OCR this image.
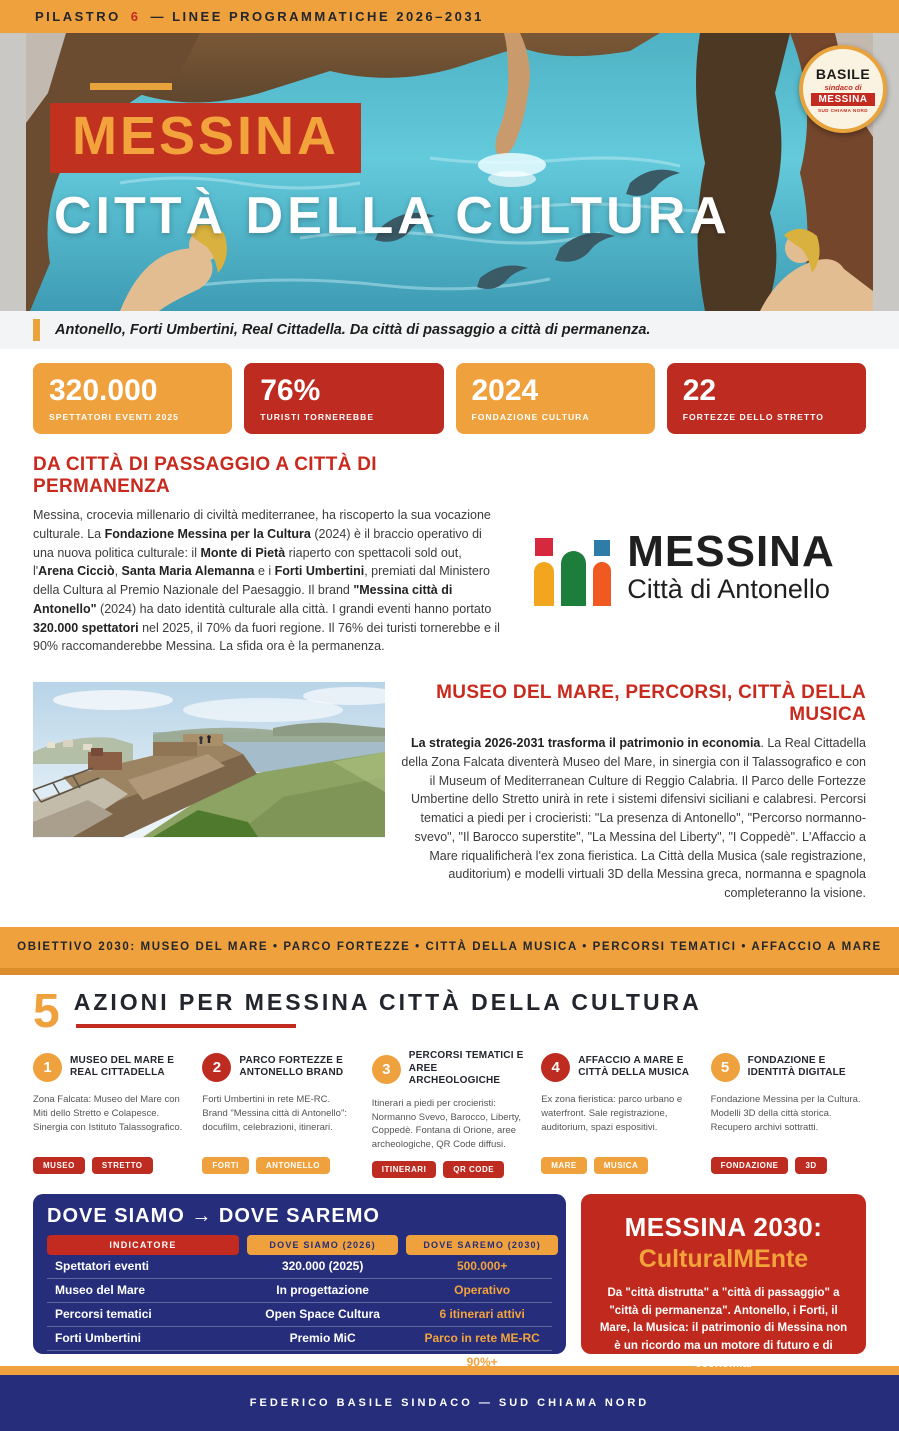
PILASTRO 6 — LINEE PROGRAMMATICHE 2026–2031
MESSINA
CITTÀ DELLA CULTURA
BASILE
sindaco di
MESSINA
SUD CHIAMA NORD

Antonello, Forti Umbertini, Real Cittadella. Da città di passaggio a città di permanenza.

320.000
SPETTATORI EVENTI 2025
76%
TURISTI TORNEREBBE
2024
FONDAZIONE CULTURA
22
FORTEZZE DELLO STRETTO
DA CITTÀ DI PASSAGGIO A CITTÀ DI PERMANENZA

Messina, crocevia millenario di civiltà mediterranee, ha riscoperto la sua vocazione culturale. La Fondazione Messina per la Cultura (2024) è il braccio operativo di una nuova politica culturale: il Monte di Pietà riaperto con spettacoli sold out, l'Arena Cicciò, Santa Maria Alemanna e i Forti Umbertini, premiati dal Ministero della Cultura al Premio Nazionale del Paesaggio. Il brand "Messina città di Antonello" (2024) ha dato identità culturale alla città. I grandi eventi hanno portato 320.000 spettatori nel 2025, il 70% da fuori regione. Il 76% dei turisti tornerebbe e il 90% raccomanderebbe Messina. La sfida ora è la permanenza.

MESSINA
Città di Antonello
MUSEO DEL MARE, PERCORSI, CITTÀ DELLA MUSICA

La strategia 2026-2031 trasforma il patrimonio in economia. La Real Cittadella della Zona Falcata diventerà Museo del Mare, in sinergia con il Talassografico e con il Museum of Mediterranean Culture di Reggio Calabria. Il Parco delle Fortezze Umbertine dello Stretto unirà in rete i sistemi difensivi siciliani e calabresi. Percorsi tematici a piedi per i crocieristi: "La presenza di Antonello", "Percorso normanno-svevo", "Il Barocco superstite", "La Messina del Liberty", "I Coppedè". L'Affaccio a Mare riqualificherà l'ex zona fieristica. La Città della Musica (sale registrazione, auditorium) e modelli virtuali 3D della Messina greca, normanna e spagnola completeranno la visione.

OBIETTIVO 2030: MUSEO DEL MARE • PARCO FORTEZZE • CITTÀ DELLA MUSICA • PERCORSI TEMATICI • AFFACCIO A MARE

5 AZIONI PER MESSINA CITTÀ DELLA CULTURA
1	MUSEO DEL MARE E REAL CITTADELLA
Zona Falcata: Museo del Mare con Miti dello Stretto e Colapesce. Sinergia con Istituto Talassografico.
MUSEO	STRETTO
2	PARCO FORTEZZE E ANTONELLO BRAND
Forti Umbertini in rete ME-RC. Brand "Messina città di Antonello": docufilm, celebrazioni, itinerari.
FORTI	ANTONELLO
3
PERCORSI TEMATICI E AREE ARCHEOLOGICHE
Itinerari a piedi per crocieristi: Normanno Svevo, Barocco, Liberty, Coppedè. Fontana di Orione, aree archeologiche, QR Code diffusi.
ITINERARI	QR CODE
4	AFFACCIO A MARE E CITTÀ DELLA MUSICA
Ex zona fieristica: parco urbano e waterfront. Sale registrazione, auditorium, spazi espositivi.
MARE	MUSICA
5	FONDAZIONE E IDENTITÀ DIGITALE
Fondazione Messina per la Cultura. Modelli 3D della città storica. Recupero archivi sottratti.
FONDAZIONE	3D
DOVE SIAMO → DOVE SAREMO
INDICATORE	DOVE SIAMO (2026)	DOVE SAREMO (2030)
Spettatori eventi	320.000 (2025)	500.000+
Museo del Mare	In progettazione	Operativo
Percorsi tematici	Open Space Cultura	6 itinerari attivi
Forti Umbertini	Premio MiC	Parco in rete ME-RC
Turisti che tornerebbero	76%	90%+
MESSINA 2030:
CulturalMEnte

Da "città distrutta" a "città di passaggio" a "città di permanenza". Antonello, i Forti, il Mare, la Musica: il patrimonio di Messina non è un ricordo ma un motore di futuro e di economia.

FEDERICO BASILE SINDACO — SUD CHIAMA NORD
